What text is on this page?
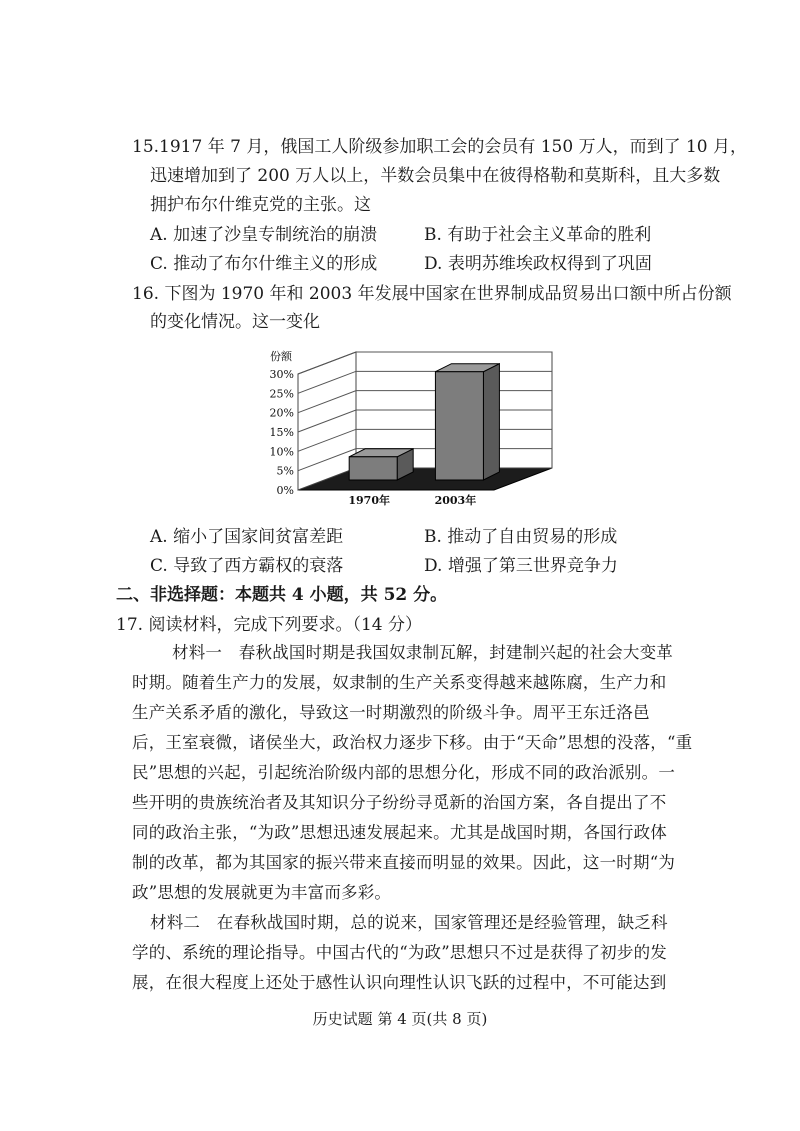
15.1917 年 7 月，俄国工人阶级参加职工会的会员有 150 万人，而到了 10 月，
迅速增加到了 200 万人以上，半数会员集中在彼得格勒和莫斯科，且大多数
拥护布尔什维克党的主张。这
A. 加速了沙皇专制统治的崩溃	B. 有助于社会主义革命的胜利
C. 推动了布尔什维主义的形成	D. 表明苏维埃政权得到了巩固
16. 下图为 1970 年和 2003 年发展中国家在世界制成品贸易出口额中所占份额
的变化情况。这一变化
份额
0%
5%
10%
15%
20%
25%
30%
1970年	2003年
A. 缩小了国家间贫富差距	B. 推动了自由贸易的形成
C. 导致了西方霸权的衰落	D. 增强了第三世界竞争力
二、非选择题：本题共 4 小题，共 52 分。
17. 阅读材料，完成下列要求。（14 分）
材料一　春秋战国时期是我国奴隶制瓦解，封建制兴起的社会大变革
时期。随着生产力的发展，奴隶制的生产关系变得越来越陈腐，生产力和
生产关系矛盾的激化，导致这一时期激烈的阶级斗争。周平王东迁洛邑
后，王室衰微，诸侯坐大，政治权力逐步下移。由于“天命”思想的没落，“重
民”思想的兴起，引起统治阶级内部的思想分化，形成不同的政治派别。一
些开明的贵族统治者及其知识分子纷纷寻觅新的治国方案，各自提出了不
同的政治主张，“为政”思想迅速发展起来。尤其是战国时期，各国行政体
制的改革，都为其国家的振兴带来直接而明显的效果。因此，这一时期“为
政”思想的发展就更为丰富而多彩。
材料二　在春秋战国时期，总的说来，国家管理还是经验管理，缺乏科
学的、系统的理论指导。中国古代的“为政”思想只不过是获得了初步的发
展，在很大程度上还处于感性认识向理性认识飞跃的过程中，不可能达到
历史试题 第 4 页(共 8 页)
